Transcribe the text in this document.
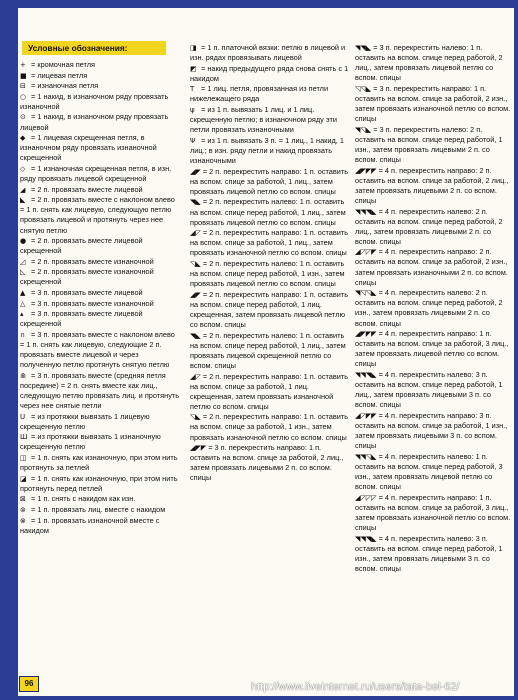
Условные обозначения:
+ = кромочная петля
■ = лицевая петля
⊟ = изнаночная петля
○ = 1 накид, в изнаночном ряду провязать изнаночной
⊙ = 1 накид, в изнаночном ряду провязать лицевой
◆ = 1 лицевая скрещенная петля, в изнаночном ряду провязать изнаночной скрещенной
◇ = 1 изнаночная скрещенная петля, в изн. ряду провязать лицевой скрещенной
◢ = 2 п. провязать вместе лицевой
◣ = 2 п. провязать вместе с наклоном влево = 1 п. снять как лицевую, следующую петлю провязать лицевой и протянуть через нее снятую петлю
● = 2 п. провязать вместе лицевой скрещенной
◿ = 2 п. провязать вместе изнаночной
◺ = 2 п. провязать вместе изнаночной скрещенной
▲ = 3 п. провязать вместе лицевой
△ = 3 п. провязать вместе изнаночной
▴ = 3 п. провязать вместе лицевой скрещенной
∩ = 3 п. провязать вместе с наклоном влево = 1 п. снять как лицевую, следующие 2 п. провязать вместе лицевой и через полученную петлю протянуть снятую петлю
⋒ = 3 п. провязать вместе (средняя петля посредине) = 2 п. снять вместе как лиц., следующую петлю провязать лиц. и протянуть через нее снятые петли
U = из протяжки вывязать 1 лицевую скрещенную петлю
Ш = из протяжки вывязать 1 изнаночную скрещенную петлю
◫ = 1 п. снять как изнаночную, при этом нить протянуть за петлей
◪ = 1 п. снять как изнаночную, при этом нить протянуть перед петлей
⊠ = 1 п. снять с накидом как изн.
⊚ = 1 п. провязать лиц. вместе с накидом
⊗ = 1 п. провязать изнаночной вместе с накидом
◨ = 1 п. платочной вязки: петлю в лицевой и изн. рядах провязывать лицевой
◩ = накид предыдущего ряда снова снять с 1 накидом
T = 1 лиц. петля, провязанная из петли нижележащего ряда
ψ = из 1 п. вывязать 1 лиц. и 1 лиц. скрещенную петлю; в изнаночном ряду эти петли провязать изнаночными
Ψ = из 1 п. вывязать 3 п. = 1 лиц., 1 накид, 1 лиц.; в изн. ряду петли и накид провязать изнаночными
◢◤ = 2 п. перекрестить направо: 1 п. оставить на вспом. спице за работой, 1 лиц., затем провязать лицевой петлю со вспом. спицы
◥◣ = 2 п. перекрестить налево: 1 п. оставить на вспом. спице перед работой, 1 лиц., затем провязать лицевой петлю со вспом. спицы
◢◸ = 2 п. перекрестить направо: 1 п. оставить на вспом. спице за работой, 1 лиц., затем провязать изнаночной петлю со вспом. спицы
◹◣ = 2 п. перекрестить налево: 1 п. оставить на вспом. спице перед работой, 1 изн., затем провязать лицевой петлю со вспом. спицы
◢◤ = 2 п. перекрестить направо: 1 п. оставить на вспом. спице перед работой, 1 лиц. скрещенная, затем провязать лицевой петлю со вспом. спицы
◥◣ = 2 п. перекрестить налево: 1 п. оставить на вспом. спице перед работой, 1 лиц., затем провязать лицевой скрещенной петлю со вспом. спицы
◢◸ = 2 п. перекрестить направо: 1 п. оставить на вспом. спице за работой, 1 лиц. скрещенная, затем провязать изнаночной петлю со вспом. спицы
◹◣ = 2 п. перекрестить направо: 1 п. оставить на вспом. спице за работой, 1 изн., затем провязать изнаночной петлю со вспом. спицы
◢◤◤ = 3 п. перекрестить направо: 1 п. оставить на вспом. спице за работой, 2 лиц., затем провязать лицевыми 2 п. со вспом. спицы
◥◥◣ = 3 п. перекрестить налево: 1 п. оставить на вспом. спице перед работой, 2 лиц., затем провязать лицевой петлю со вспом. спицы
◹◹◣ = 3 п. перекрестить направо: 1 п. оставить на вспом. спице за работой, 2 изн., затем провязать изнаночной петлю со вспом. спицы
◥◹◣ = 3 п. перекрестить налево: 2 п. оставить на вспом. спице перед работой, 1 изн., затем провязать лицевыми 2 п. со вспом. спицы
◢◤◤◤ = 4 п. перекрестить направо: 2 п. оставить на вспом. спице за работой, 2 лиц., затем провязать лицевыми 2 п. со вспом. спицы
◥◥◥◣ = 4 п. перекрестить налево: 2 п. оставить на вспом. спице перед работой, 2 лиц., затем провязать лицевыми 2 п. со вспом. спицы
◢◸◸◤ = 4 п. перекрестить направо: 2 п. оставить на вспом. спице за работой, 2 изн., затем провязать изнаночными 2 п. со вспом. спицы
◥◹◹◣ = 4 п. перекрестить налево: 2 п. оставить на вспом. спице перед работой, 2 изн., затем провязать лицевыми 2 п. со вспом. спицы
◢◤◤◤ = 4 п. перекрестить направо: 1 п. оставить на вспом. спице за работой, 3 лиц., затем провязать лицевой петлю со вспом. спицы
◥◥◥◣ = 4 п. перекрестить налево: 3 п. оставить на вспом. спице перед работой, 1 лиц., затем провязать лицевыми 3 п. со вспом. спицы
◢◸◤◤ = 4 п. перекрестить направо: 3 п. оставить на вспом. спице за работой, 1 изн., затем провязать лицевыми 3 п. со вспом. спицы
◥◥◹◣ = 4 п. перекрестить налево: 1 п. оставить на вспом. спице перед работой, 3 изн., затем провязать лицевой петлю со вспом. спицы
◢◸◸◸ = 4 п. перекрестить направо: 1 п. оставить на вспом. спице за работой, 3 лиц., затем провязать изнаночной петлю со вспом. спицы
◥◥◥◣ = 4 п. перекрестить налево: 3 п. оставить на вспом. спице перед работой, 1 изн., затем провязать лицевыми 3 п. со вспом. спицы
96	http://www.liveinternet.ru/users/tata-bel-62/
